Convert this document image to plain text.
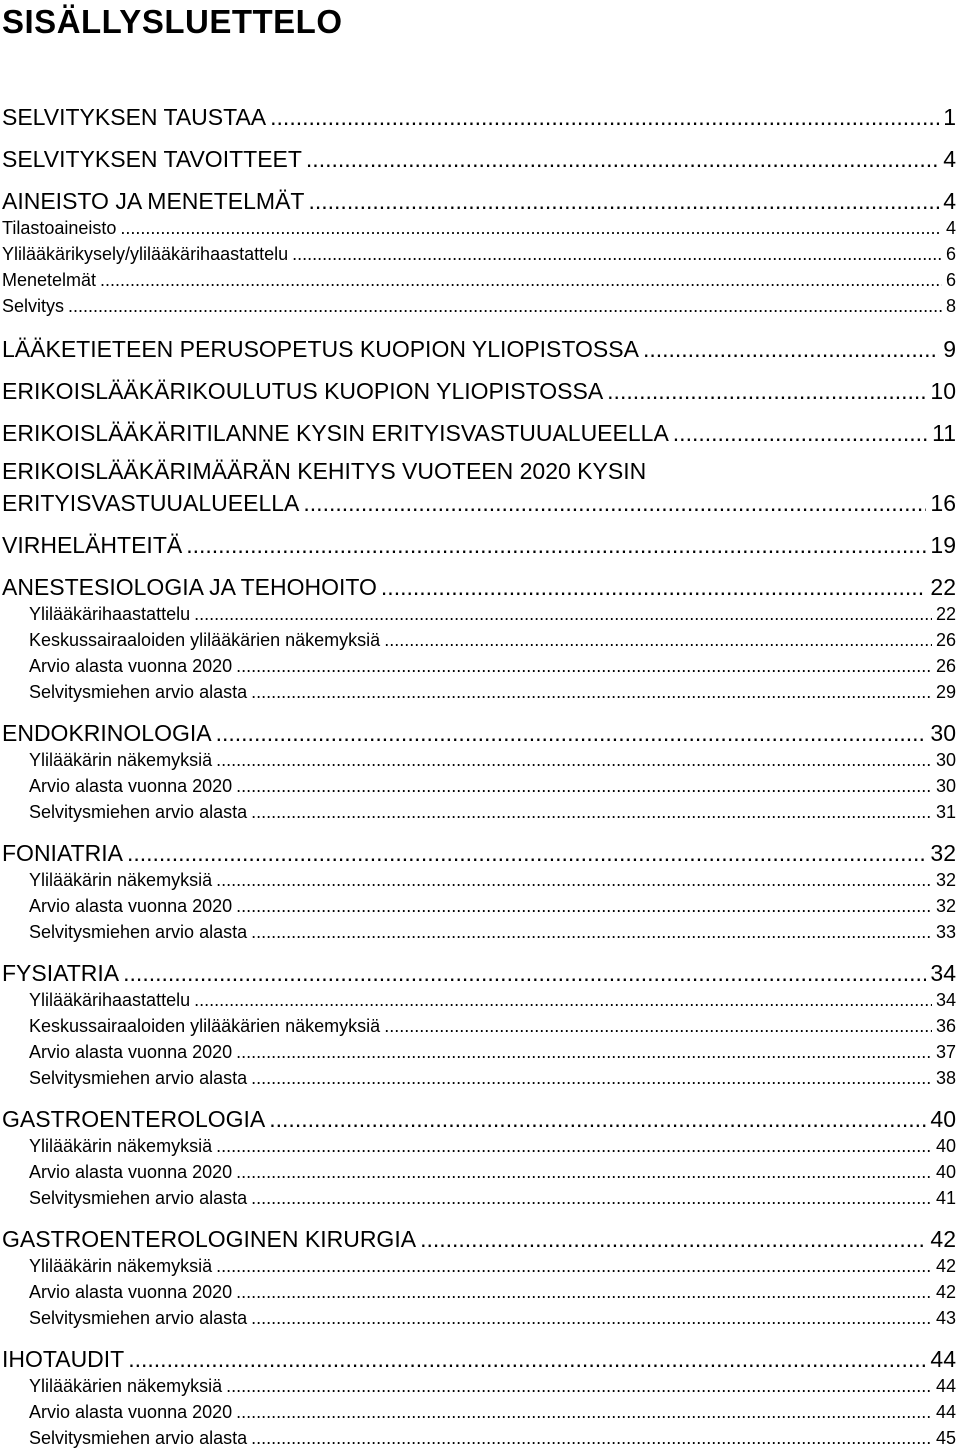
SISÄLLYSLUETTELO
SELVITYKSEN TAUSTAA .....	1
SELVITYKSEN TAVOITTEET .....	4
AINEISTO JA MENETELMÄT .....	4
Tilastoaineisto .....	4
Ylilääkärikysely/ylilääkärihaastattelu .....	6
Menetelmät .....	6
Selvitys .....	8
LÄÄKETIETEEN PERUSOPETUS KUOPION YLIOPISTOSSA .....	9
ERIKOISLÄÄKÄRIKOULUTUS KUOPION YLIOPISTOSSA .....	10
ERIKOISLÄÄKÄRITILANNE KYSIN ERITYISVASTUUALUEELLA .....	11
ERIKOISLÄÄKÄRIMÄÄRÄN KEHITYS VUOTEEN 2020 KYSIN
ERITYISVASTUUALUEELLA .....	16
VIRHELÄHTEITÄ .....	19
ANESTESIOLOGIA JA TEHOHOITO .....	22
Ylilääkärihaastattelu .....	22
Keskussairaaloiden ylilääkärien näkemyksiä .....	26
Arvio alasta vuonna 2020 .....	26
Selvitysmiehen arvio alasta .....	29
ENDOKRINOLOGIA .....	30
Ylilääkärin näkemyksiä .....	30
Arvio alasta vuonna 2020 .....	30
Selvitysmiehen arvio alasta .....	31
FONIATRIA .....	32
Ylilääkärin näkemyksiä .....	32
Arvio alasta vuonna 2020 .....	32
Selvitysmiehen arvio alasta .....	33
FYSIATRIA .....	34
Ylilääkärihaastattelu .....	34
Keskussairaaloiden ylilääkärien näkemyksiä .....	36
Arvio alasta vuonna 2020 .....	37
Selvitysmiehen arvio alasta .....	38
GASTROENTEROLOGIA .....	40
Ylilääkärin näkemyksiä .....	40
Arvio alasta vuonna 2020 .....	40
Selvitysmiehen arvio alasta .....	41
GASTROENTEROLOGINEN KIRURGIA .....	42
Ylilääkärin näkemyksiä .....	42
Arvio alasta vuonna 2020 .....	42
Selvitysmiehen arvio alasta .....	43
IHOTAUDIT .....	44
Ylilääkärien näkemyksiä .....	44
Arvio alasta vuonna 2020 .....	44
Selvitysmiehen arvio alasta .....	45
